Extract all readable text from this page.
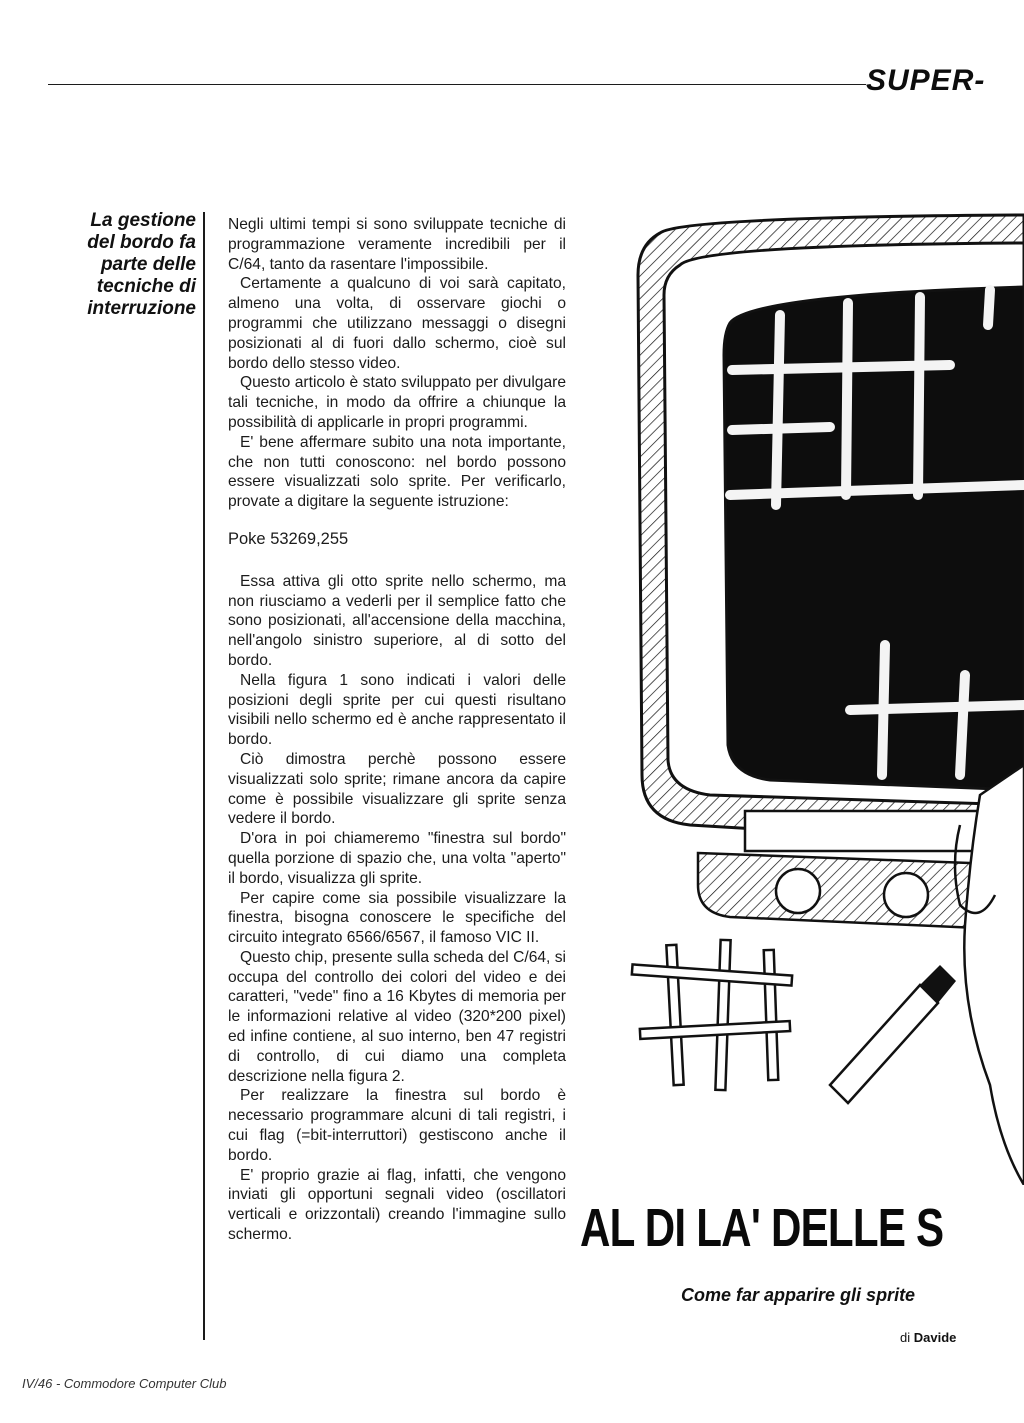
SUPER-
La gestione
del bordo fa
parte delle
tecniche di
interruzione

Negli ultimi tempi si sono sviluppate tecniche di programmazione veramente incredibili per il C/64, tanto da rasentare l'impossibile.

Certamente a qualcuno di voi sarà capitato, almeno una volta, di osservare giochi o programmi che utilizzano messaggi o disegni posizionati al di fuori dallo schermo, cioè sul bordo dello stesso video.

Questo articolo è stato sviluppato per divulgare tali tecniche, in modo da offrire a chiunque la possibilità di applicarle in propri programmi.

E' bene affermare subito una nota importante, che non tutti conoscono: nel bordo possono essere visualizzati solo sprite. Per verificarlo, provate a digitare la seguente istruzione:

Poke 53269,255

Essa attiva gli otto sprite nello schermo, ma non riusciamo a vederli per il semplice fatto che sono posizionati, all'accensione della macchina, nell'angolo sinistro superiore, al di sotto del bordo.

Nella figura 1 sono indicati i valori delle posizioni degli sprite per cui questi risultano visibili nello schermo ed è anche rappresentato il bordo.

Ciò dimostra perchè possono essere visualizzati solo sprite; rimane ancora da capire come è possibile visualizzare gli sprite senza vedere il bordo.

D'ora in poi chiameremo "finestra sul bordo" quella porzione di spazio che, una volta "aperto" il bordo, visualizza gli sprite.

Per capire come sia possibile visualizzare la finestra, bisogna conoscere le specifiche del circuito integrato 6566/6567, il famoso VIC II.

Questo chip, presente sulla scheda del C/64, si occupa del controllo dei colori del video e dei caratteri, "vede" fino a 16 Kbytes di memoria per le informazioni relative al video (320*200 pixel) ed infine contiene, al suo interno, ben 47 registri di controllo, di cui diamo una completa descrizione nella figura 2.

Per realizzare la finestra sul bordo è necessario programmare alcuni di tali registri, i cui flag (=bit-interruttori) gestiscono anche il bordo.

E' proprio grazie ai flag, infatti, che vengono inviati gli opportuni segnali video (oscillatori verticali e orizzontali) creando l'immagine sullo schermo.	AL DI LA' DELLE S
Come far apparire gli sprite
di Davide
IV/46 - Commodore Computer Club
